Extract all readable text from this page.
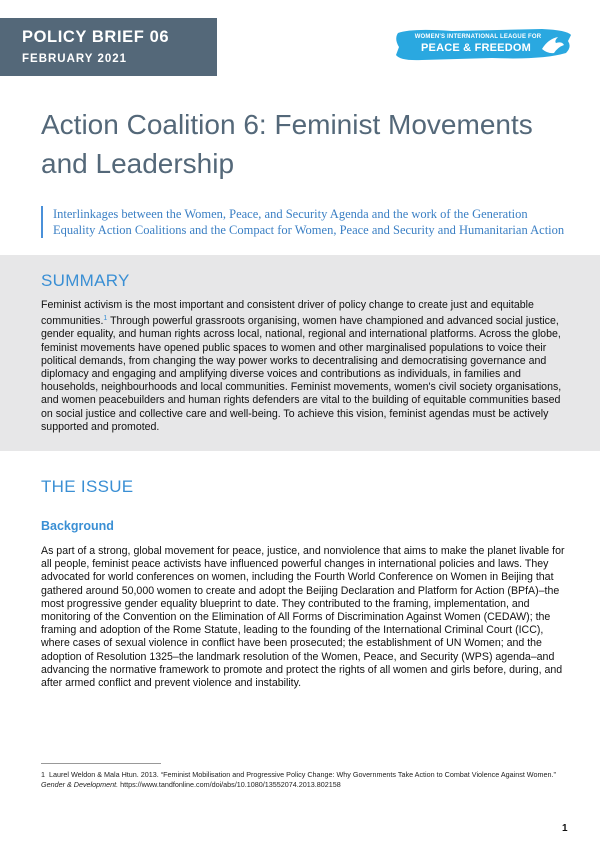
POLICY BRIEF 06
FEBRUARY 2021
WOMEN'S INTERNATIONAL LEAGUE FOR
PEACE & FREEDOM
Action Coalition 6: Feminist Movements and Leadership
Interlinkages between the Women, Peace, and Security Agenda and the work of the Generation Equality Action Coalitions and the Compact for Women, Peace and Security and Humanitarian Action
SUMMARY

Feminist activism is the most important and consistent driver of policy change to create just and equitable communities.$^1$ Through powerful grassroots organising, women have championed and advanced social justice, gender equality, and human rights across local, national, regional and international platforms. Across the globe, feminist movements have opened public spaces to women and other marginalised populations to voice their political demands, from changing the way power works to decentralising and democratising governance and diplomacy and engaging and amplifying diverse voices and contributions as individuals, in families and households, neighbourhoods and local communities. Feminist movements, women's civil society organisations, and women peacebuilders and human rights defenders are vital to the building of equitable communities based on social justice and collective care and well-being. To achieve this vision, feminist agendas must be actively supported and promoted.

THE ISSUE
Background

As part of a strong, global movement for peace, justice, and nonviolence that aims to make the planet livable for all people, feminist peace activists have influenced powerful changes in international policies and laws. They advocated for world conferences on women, including the Fourth World Conference on Women in Beijing that gathered around 50,000 women to create and adopt the Beijing Declaration and Platform for Action (BPfA)–the most progressive gender equality blueprint to date. They contributed to the framing, implementation, and monitoring of the Convention on the Elimination of All Forms of Discrimination Against Women (CEDAW); the framing and adoption of the Rome Statute, leading to the founding of the International Criminal Court (ICC), where cases of sexual violence in conflict have been prosecuted; the establishment of UN Women; and the adoption of Resolution 1325–the landmark resolution of the Women, Peace, and Security (WPS) agenda–and advancing the normative framework to promote and protect the rights of all women and girls before, during, and after armed conflict and prevent violence and instability.

1 Laurel Weldon & Mala Htun. 2013. “Feminist Mobilisation and Progressive Policy Change: Why Governments Take Action to Combat Violence Against Women.” Gender & Development. https://www.tandfonline.com/doi/abs/10.1080/13552074.2013.802158

1
